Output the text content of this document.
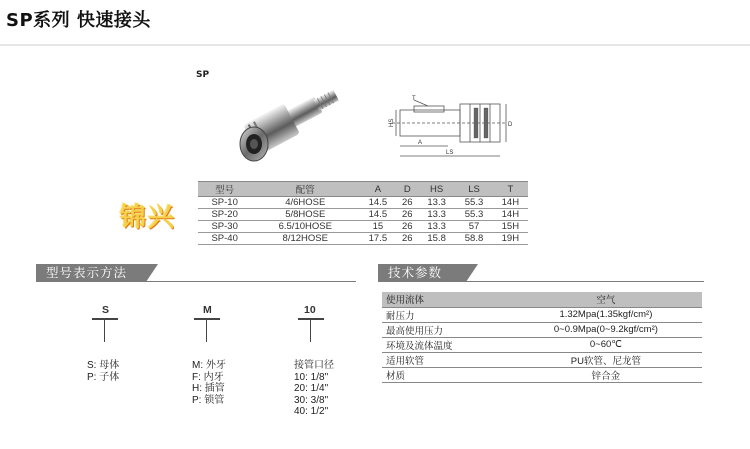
SP系列 快速接头
SP
T
A
LS
HS	D
锦兴
型号	配管	A	D	HS	LS	T
SP-10	4/6HOSE	14.5	26	13.3	55.3	14H
SP-20	5/8HOSE	14.5	26	13.3	55.3	14H
SP-30	6.5/10HOSE	15	26	13.3	57	15H
SP-40	8/12HOSE	17.5	26	15.8	58.8	19H
型号表示方法
S
S: 母体
P: 子体
M
M: 外牙
F: 内牙
H: 插管
P: 锁管
10
接管口径
10: 1/8"
20: 1/4"
30: 3/8"
40: 1/2"
技术参数
使用流体	空气
耐压力	1.32Mpa(1.35kgf/cm²)
最高使用压力	0~0.9Mpa(0~9.2kgf/cm²)
环境及流体温度	0~60℃
适用软管	PU软管、尼龙管
材质	锌合金
